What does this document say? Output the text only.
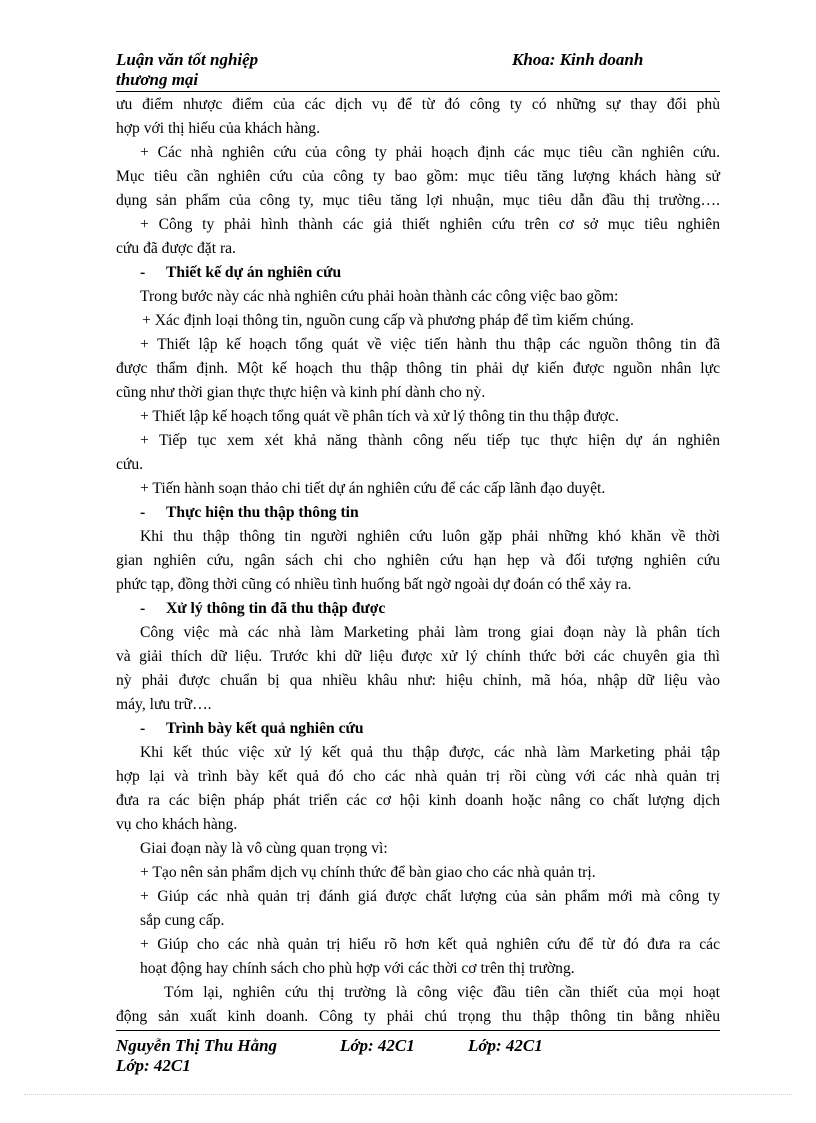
Luận văn tốt nghiệp
thương mại
Khoa: Kinh doanh
ưu điểm nhược điểm của các dịch vụ để từ đó công ty có những sự thay đổi phù
hợp với thị hiếu của khách hàng.
+ Các nhà nghiên cứu của công ty phải hoạch định các mục tiêu cần nghiên cứu.
Mục tiêu cần nghiên cứu của công ty bao gồm: mục tiêu tăng lượng khách hàng sử
dụng sản phẩm của công ty, mục tiêu tăng lợi nhuận, mục tiêu dẫn đầu thị trường….
+ Công ty phải hình thành các giả thiết nghiên cứu trên cơ sở mục tiêu nghiên
cứu đã được đặt ra.
- Thiết kế dự án nghiên cứu
Trong bước này các nhà nghiên cứu phải hoàn thành các công việc bao gồm:
+ Xác định loại thông tin, nguồn cung cấp và phương pháp để tìm kiếm chúng.
+ Thiết lập kế hoạch tổng quát về việc tiến hành thu thập các nguồn thông tin đã
được thẩm định. Một kế hoạch thu thập thông tin phải dự kiến được nguồn nhân lực
cũng như thời gian thực thực hiện và kinh phí dành cho nỳ.
+ Thiết lập kế hoạch tổng quát về phân tích và xử lý thông tin thu thập được.
+ Tiếp tục xem xét khả năng thành công nếu tiếp tục thực hiện dự án nghiên
cứu.
+ Tiến hành soạn thảo chi tiết dự án nghiên cứu để các cấp lãnh đạo duyệt.
- Thực hiện thu thập thông tin
Khi thu thập thông tin người nghiên cứu luôn gặp phải những khó khăn về thời
gian nghiên cứu, ngân sách chi cho nghiên cứu hạn hẹp và đối tượng nghiên cứu
phức tạp, đồng thời cũng có nhiều tình huống bất ngờ ngoài dự đoán có thể xảy ra.
- Xử lý thông tin đã thu thập được
Công việc mà các nhà làm Marketing phải làm trong giai đoạn này là phân tích
và giải thích dữ liệu. Trước khi dữ liệu được xử lý chính thức bởi các chuyên gia thì
nỳ phải được chuẩn bị qua nhiều khâu như: hiệu chỉnh, mã hóa, nhập dữ liệu vào
máy, lưu trữ….
- Trình bày kết quả nghiên cứu
Khi kết thúc việc xử lý kết quả thu thập được, các nhà làm Marketing phải tập
hợp lại và trình bày kết quả đó cho các nhà quản trị rồi cùng với các nhà quản trị
đưa ra các biện pháp phát triển các cơ hội kinh doanh hoặc nâng co chất lượng dịch
vụ cho khách hàng.
Giai đoạn này là vô cùng quan trọng vì:
+ Tạo nên sản phẩm dịch vụ chính thức để bàn giao cho các nhà quản trị.
+ Giúp các nhà quản trị đánh giá được chất lượng của sản phẩm mới mà công ty
sắp cung cấp.
+ Giúp cho các nhà quản trị hiểu rõ hơn kết quả nghiên cứu để từ đó đưa ra các
hoạt động hay chính sách cho phù hợp với các thời cơ trên thị trường.
Tóm lại, nghiên cứu thị trường là công việc đầu tiên cần thiết của mọi hoạt
động sản xuất kinh doanh. Công ty phải chú trọng thu thập thông tin bằng nhiều
Nguyễn Thị Thu Hằng	Lớp: 42C1	Lớp: 42C1

Lớp: 42C1
